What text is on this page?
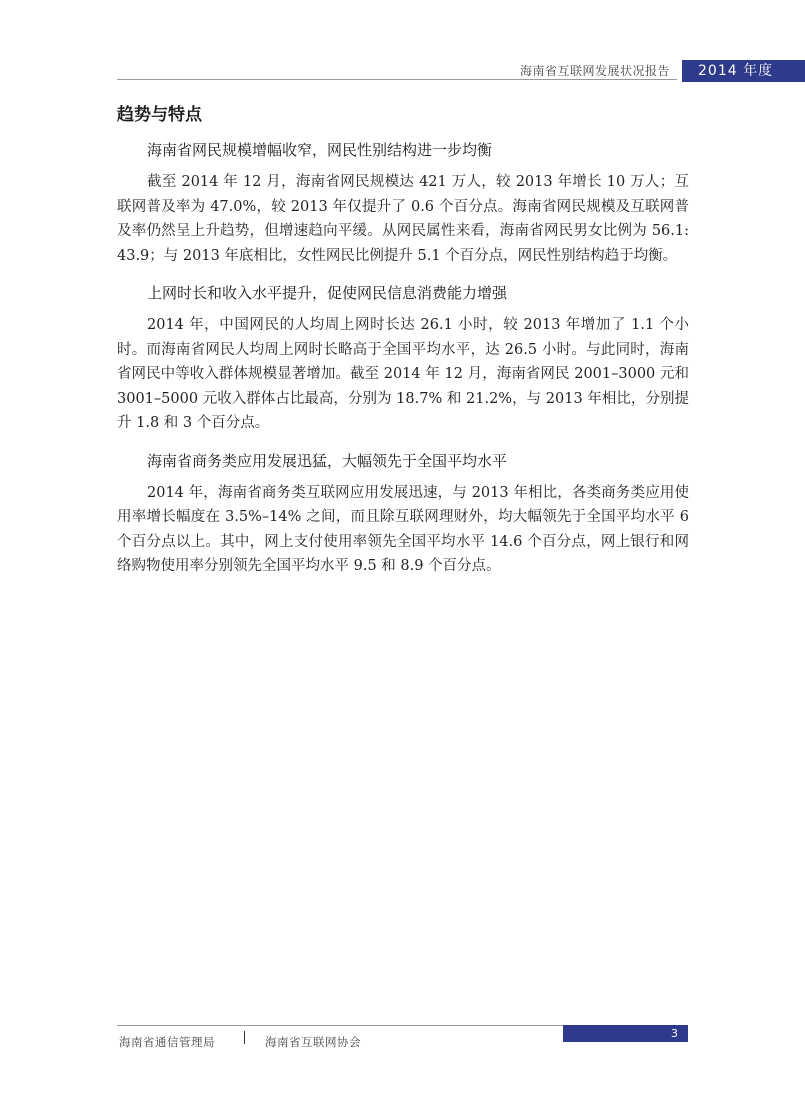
海南省互联网发展状况报告	2014 年度
趋势与特点

海南省网民规模增幅收窄，网民性别结构进一步均衡

截至 2014 年 12 月，海南省网民规模达 421 万人，较 2013 年增长 10 万人；互联网普及率为 47.0%，较 2013 年仅提升了 0.6 个百分点。海南省网民规模及互联网普及率仍然呈上升趋势，但增速趋向平缓。从网民属性来看，海南省网民男女比例为 56.1: 43.9；与 2013 年底相比，女性网民比例提升 5.1 个百分点，网民性别结构趋于均衡。

上网时长和收入水平提升，促使网民信息消费能力增强

2014 年，中国网民的人均周上网时长达 26.1 小时，较 2013 年增加了 1.1 个小时。而海南省网民人均周上网时长略高于全国平均水平，达 26.5 小时。与此同时，海南省网民中等收入群体规模显著增加。截至 2014 年 12 月，海南省网民 2001–3000 元和 3001–5000 元收入群体占比最高，分别为 18.7% 和 21.2%，与 2013 年相比，分别提升 1.8 和 3 个百分点。

海南省商务类应用发展迅猛，大幅领先于全国平均水平

2014 年，海南省商务类互联网应用发展迅速，与 2013 年相比，各类商务类应用使用率增长幅度在 3.5%–14% 之间，而且除互联网理财外，均大幅领先于全国平均水平 6 个百分点以上。其中，网上支付使用率领先全国平均水平 14.6 个百分点，网上银行和网络购物使用率分别领先全国平均水平 9.5 和 8.9 个百分点。

海南省通信管理局	海南省互联网协会
3
